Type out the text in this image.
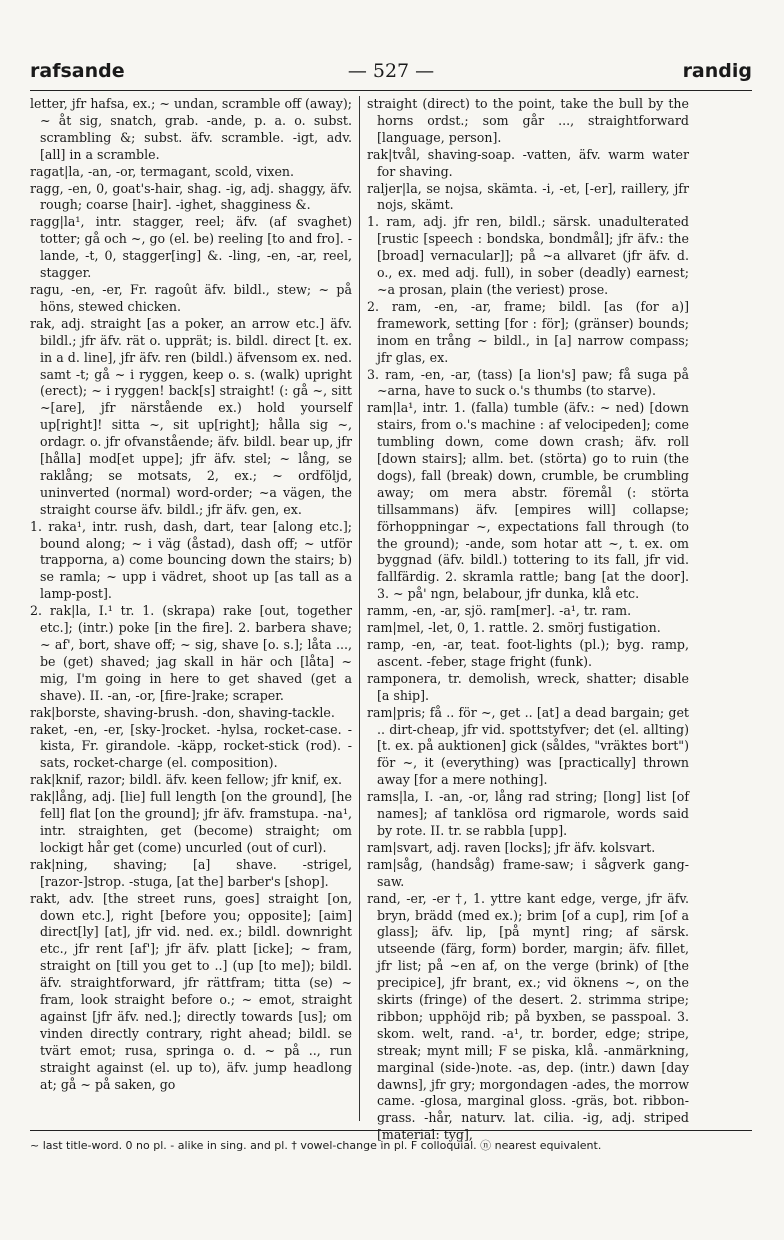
rafsande	— 527 —	randig

letter, jfr hafsa, ex.; ~ undan, scramble off (away); ~ åt sig, snatch, grab. -ande, p. a. o. subst. scrambling &; subst. äfv. scramble. -igt, adv. [all] in a scramble.

ragat|la, -an, -or, termagant, scold, vixen.

ragg, -en, 0, goat's-hair, shag. -ig, adj. shaggy, äfv. rough; coarse [hair]. -ighet, shagginess &.

ragg|la¹, intr. stagger, reel; äfv. (af svaghet) totter; gå och ~, go (el. be) reeling [to and fro]. -lande, -t, 0, stagger[ing] &. -ling, -en, -ar, reel, stagger.

ragu, -en, -er, Fr. ragoût äfv. bildl., stew; ~ på höns, stewed chicken.

rak, adj. straight [as a poker, an arrow etc.] äfv. bildl.; jfr äfv. rät o. upprät; is. bildl. direct [t. ex. in a d. line], jfr äfv. ren (bildl.) äfvensom ex. ned. samt -t; gå ~ i ryggen, keep o. s. (walk) upright (erect); ~ i ryggen! back[s] straight! (: gå ~, sitt ~[are], jfr närstående ex.) hold yourself up[right]! sitta ~, sit up[right]; hålla sig ~, ordagr. o. jfr ofvanstående; äfv. bildl. bear up, jfr [hålla] mod[et uppe]; jfr äfv. stel; ~ lång, se raklång; se motsats, 2, ex.; ~ ordföljd, uninverted (normal) word-order; ~a vägen, the straight course äfv. bildl.; jfr äfv. gen, ex.

1. raka¹, intr. rush, dash, dart, tear [along etc.]; bound along; ~ i väg (åstad), dash off; ~ utför trapporna, a) come bouncing down the stairs; b) se ramla; ~ upp i vädret, shoot up [as tall as a lamp-post].

2. rak|la, I.¹ tr. 1. (skrapa) rake [out, together etc.]; (intr.) poke [in the fire]. 2. barbera shave; ~ af', bort, shave off; ~ sig, shave [o. s.]; låta ..., be (get) shaved; jag skall in här och [låta] ~ mig, I'm going in here to get shaved (get a shave). II. -an, -or, [fire-]rake; scraper.

rak|borste, shaving-brush. -don, shaving-tackle.

raket, -en, -er, [sky-]rocket. -hylsa, rocket-case. -kista, Fr. girandole. -käpp, rocket-stick (rod). -sats, rocket-charge (el. composition).

rak|knif, razor; bildl. äfv. keen fellow; jfr knif, ex.

rak|lång, adj. [lie] full length [on the ground], [he fell] flat [on the ground]; jfr äfv. framstupa. -na¹, intr. straighten, get (become) straight; om lockigt hår get (come) uncurled (out of curl).

rak|ning, shaving; [a] shave. -strigel, [razor-]strop. -stuga, [at the] barber's [shop].

rakt, adv. [the street runs, goes] straight [on, down etc.], right [before you; opposite]; [aim] direct[ly] [at], jfr vid. ned. ex.; bildl. downright etc., jfr rent [af']; jfr äfv. platt [icke]; ~ fram, straight on [till you get to ..] (up [to me]); bildl. äfv. straightforward, jfr rättfram; titta (se) ~ fram, look straight before o.; ~ emot, straight against [jfr äfv. ned.]; directly towards [us]; om vinden directly contrary, right ahead; bildl. se tvärt emot; rusa, springa o. d. ~ på .., run straight against (el. up to), äfv. jump headlong at; gå ~ på saken, go

straight (direct) to the point, take the bull by the horns ordst.; som går ..., straightforward [language, person].

rak|tvål, shaving-soap. -vatten, äfv. warm water for shaving.

raljer|la, se nojsa, skämta. -i, -et, [-er], raillery, jfr nojs, skämt.

1. ram, adj. jfr ren, bildl.; särsk. unadulterated [rustic [speech : bondska, bondmål]; jfr äfv.: the [broad] vernacular]]; på ~a allvaret (jfr äfv. d. o., ex. med adj. full), in sober (deadly) earnest; ~a prosan, plain (the veriest) prose.

2. ram, -en, -ar, frame; bildl. [as (for a)] framework, setting [for : för]; (gränser) bounds; inom en trång ~ bildl., in [a] narrow compass; jfr glas, ex.

3. ram, -en, -ar, (tass) [a lion's] paw; få suga på ~arna, have to suck o.'s thumbs (to starve).

ram|la¹, intr. 1. (falla) tumble (äfv.: ~ ned) [down stairs, from o.'s machine : af velocipeden]; come tumbling down, come down crash; äfv. roll [down stairs]; allm. bet. (störta) go to ruin (the dogs), fall (break) down, crumble, be crumbling away; om mera abstr. föremål (: störta tillsammans) äfv. [empires will] collapse; förhoppningar ~, expectations fall through (to the ground); -ande, som hotar att ~, t. ex. om byggnad (äfv. bildl.) tottering to its fall, jfr vid. fallfärdig. 2. skramla rattle; bang [at the door]. 3. ~ på' ngn, belabour, jfr dunka, klå etc.

ramm, -en, -ar, sjö. ram[mer]. -a¹, tr. ram.

ram|mel, -let, 0, 1. rattle. 2. smörj fustigation.

ramp, -en, -ar, teat. foot-lights (pl.); byg. ramp, ascent. -feber, stage fright (funk).

ramponera, tr. demolish, wreck, shatter; disable [a ship].

ram|pris; få .. för ~, get .. [at] a dead bargain; get .. dirt-cheap, jfr vid. spottstyfver; det (el. allting) [t. ex. på auktionen] gick (såldes, "vräktes bort") för ~, it (everything) was [practically] thrown away [for a mere nothing].

rams|la, I. -an, -or, lång rad string; [long] list [of names]; af tanklösa ord rigmarole, words said by rote. II. tr. se rabbla [upp].

ram|svart, adj. raven [locks]; jfr äfv. kolsvart.

ram|såg, (handsåg) frame-saw; i sågverk gang-saw.

rand, -er, -er †, 1. yttre kant edge, verge, jfr äfv. bryn, brädd (med ex.); brim [of a cup], rim [of a glass]; äfv. lip, [på mynt] ring; af särsk. utseende (färg, form) border, margin; äfv. fillet, jfr list; på ~en af, on the verge (brink) of [the precipice], jfr brant, ex.; vid öknens ~, on the skirts (fringe) of the desert. 2. strimma stripe; ribbon; upphöjd rib; på byxben, se passpoal. 3. skom. welt, rand. -a¹, tr. border, edge; stripe, streak; mynt mill; F se piska, klå. -anmärkning, marginal (side-)note. -as, dep. (intr.) dawn [day dawns], jfr gry; morgondagen -ades, the morrow came. -glosa, marginal gloss. -gräs, bot. ribbon-grass. -hår, naturv. lat. cilia. -ig, adj. striped [material: tyg],

~ last title-word. 0 no pl. - alike in sing. and pl. † vowel-change in pl. F colloquial. ⓝ nearest equivalent.
